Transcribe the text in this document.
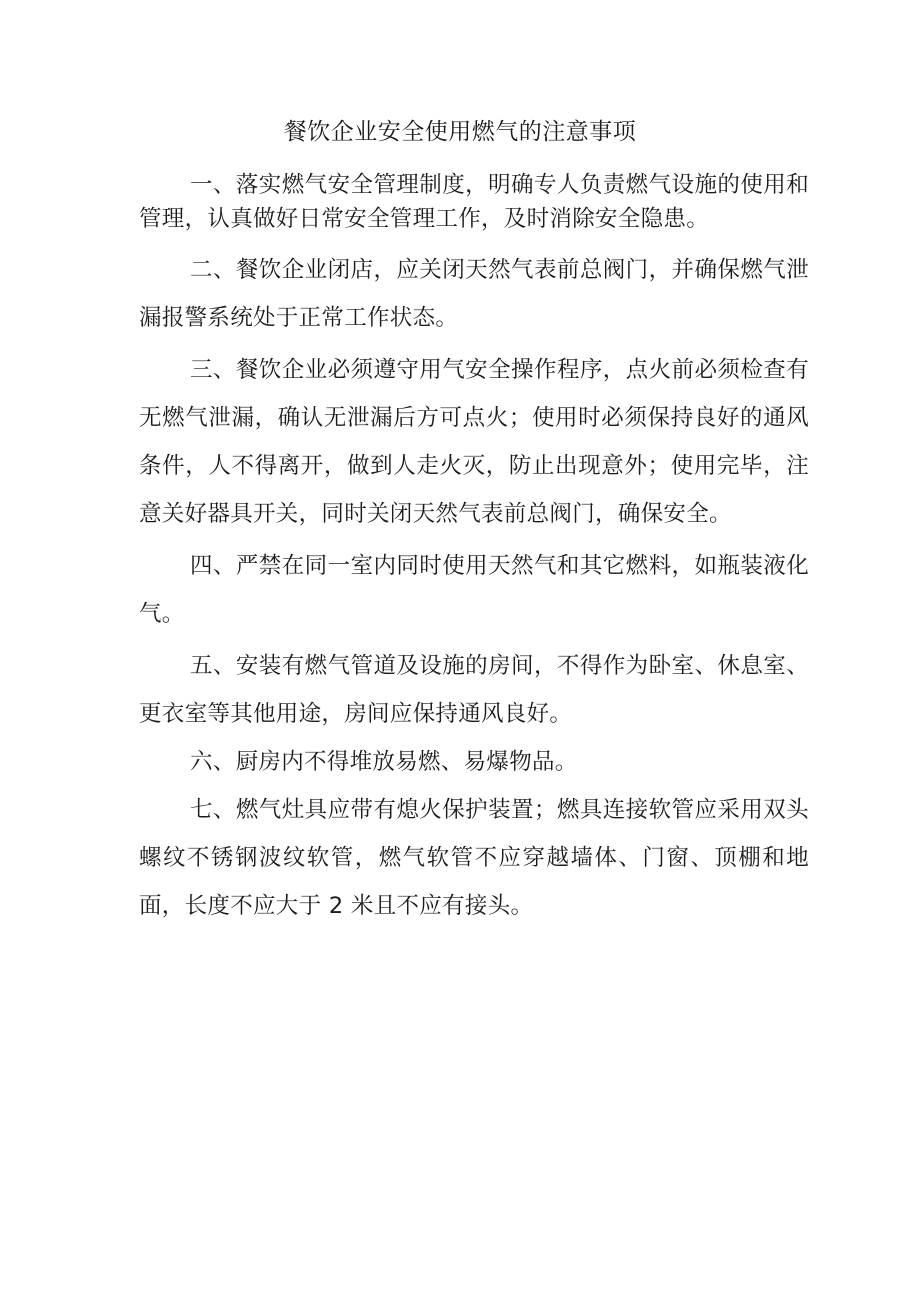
餐饮企业安全使用燃气的注意事项

一、落实燃气安全管理制度，明确专人负责燃气设施的使用和管理，认真做好日常安全管理工作，及时消除安全隐患。

二、餐饮企业闭店，应关闭天然气表前总阀门，并确保燃气泄漏报警系统处于正常工作状态。

三、餐饮企业必须遵守用气安全操作程序，点火前必须检查有无燃气泄漏，确认无泄漏后方可点火；使用时必须保持良好的通风条件，人不得离开，做到人走火灭，防止出现意外；使用完毕，注意关好器具开关，同时关闭天然气表前总阀门，确保安全。

四、严禁在同一室内同时使用天然气和其它燃料，如瓶装液化气。

五、安装有燃气管道及设施的房间，不得作为卧室、休息室、更衣室等其他用途，房间应保持通风良好。

六、厨房内不得堆放易燃、易爆物品。

七、燃气灶具应带有熄火保护装置；燃具连接软管应采用双头螺纹不锈钢波纹软管，燃气软管不应穿越墙体、门窗、顶棚和地面，长度不应大于 2 米且不应有接头。
